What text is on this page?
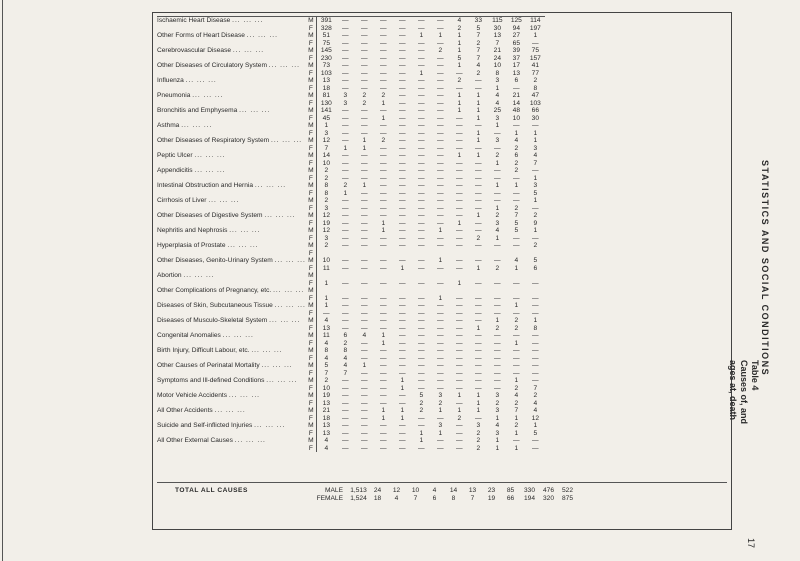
Ischaemic Heart Disease ... ... ...	M	391	—	—	—	—	—	—	4	33	115	125	114
	F	328	—	—	—	—	—	—	2	5	30	94	197
Other Forms of Heart Disease ... ... ...	M	51	—	—	—	—	1	1	1	7	13	27	1
	F	75	—	—	—	—	—	—	1	2	7	65	—
Cerebrovascular Disease ... ... ...	M	145	—	—	—	—	—	2	1	7	21	39	75
	F	230	—	—	—	—	—	—	5	7	24	37	157
Other Diseases of Circulatory System ... ... ...	M	73	—	—	—	—	—	—	1	4	10	17	41
	F	103	—	—	—	—	1	—	—	2	8	13	77
Influenza ... ... ...	M	13	—	—	—	—	—	—	2	—	3	6	2
	F	18	—	—	—	—	—	—	—	—	1	—	8
Pneumonia ... ... ...	M	81	3	2	2	—	—	—	1	1	4	21	47
	F	130	3	2	1	—	—	—	1	1	4	14	103
Bronchitis and Emphysema ... ... ...	M	141	—	—	—	—	—	—	1	1	25	48	66
	F	45	—	—	1	—	—	—	—	1	3	10	30
Asthma ... ... ...	M	1	—	—	—	—	—	—	—	—	1	—	—
	F	3	—	—	—	—	—	—	—	1	—	1	1
Other Diseases of Respiratory System ... ... ...	M	12	—	1	2	—	—	—	—	1	3	4	1
	F	7	1	1	—	—	—	—	—	—	—	2	3
Peptic Ulcer ... ... ...	M	14	—	—	—	—	—	—	1	1	2	6	4
	F	10	—	—	—	—	—	—	—	—	1	2	7
Appendicitis ... ... ...	M	2	—	—	—	—	—	—	—	—	—	2	—
	F	2	—	—	—	—	—	—	—	—	—	—	1
Intestinal Obstruction and Hernia ... ... ...	M	8	2	1	—	—	—	—	—	—	1	1	3
	F	8	1	—	—	—	—	—	—	—	—	—	5
Cirrhosis of Liver ... ... ...	M	2	—	—	—	—	—	—	—	—	—	—	1
	F	3	—	—	—	—	—	—	—	—	1	2	—
Other Diseases of Digestive System ... ... ...	M	12	—	—	—	—	—	—	—	1	2	7	2
	F	19	—	—	1	—	—	—	1	—	3	5	9
Nephritis and Nephrosis ... ... ...	M	12	—	—	1	—	—	1	—	—	4	5	1
	F	3	—	—	—	—	—	—	—	2	1	—	—
Hyperplasia of Prostate ... ... ...	M	2	—	—	—	—	—	—	—	—	—	—	2
	F												
Other Diseases, Genito-Urinary System ... ... ...	M	10	—	—	—	—	—	1	—	—	—	4	5
	F	11	—	—	—	1	—	—	—	1	2	1	6
Abortion ... ... ...	M												
	F	1	—	—	—	—	—	—	1	—	—	—	—
Other Complications of Pregnancy, etc. ... ... ...	M												
	F	1	—	—	—	—	—	1	—	—	—	—	—
Diseases of Skin, Subcutaneous Tissue ... ... ...	M	1	—	—	—	—	—	—	—	—	—	1	—
	F	—	—	—	—	—	—	—	—	—	—	—	—
Diseases of Musculo-Skeletal System ... ... ...	M	4	—	—	—	—	—	—	—	—	1	2	1
	F	13	—	—	—	—	—	—	—	1	2	2	8
Congenital Anomalies ... ... ...	M	11	6	4	1	—	—	—	—	—	—	—	—
	F	4	2	—	1	—	—	—	—	—	—	1	—
Birth Injury, Difficult Labour, etc. ... ... ...	M	8	8	—	—	—	—	—	—	—	—	—	—
	F	4	4	—	—	—	—	—	—	—	—	—	—
Other Causes of Perinatal Mortality ... ... ...	M	5	4	1	—	—	—	—	—	—	—	—	—
	F	7	7	—	—	—	—	—	—	—	—	—	—
Symptoms and Ill-defined Conditions ... ... ...	M	2	—	—	—	1	—	—	—	—	—	1	—
	F	10	—	—	—	1	—	—	—	—	—	2	7
Motor Vehicle Accidents ... ... ...	M	19	—	—	—	—	5	3	1	1	3	4	2
	F	13	—	—	—	—	2	2	—	1	2	2	4
All Other Accidents ... ... ...	M	21	—	—	1	1	2	1	1	1	3	7	4
	F	18	—	—	1	1	—	—	2	—	1	1	12
Suicide and Self-inflicted Injuries ... ... ...	M	13	—	—	—	—	—	3	—	3	4	2	1
	F	13	—	—	—	—	1	1	—	2	3	1	5
All Other External Causes ... ... ...	M	4	—	—	—	—	1	—	—	2	1	—	—
	F	4	—	—	—	—	—	—	—	2	1	1	—
TOTAL ALL CAUSES	MALE	1,513	24	12	10	4	14	13	23	85	330	476	522
FEMALE	1,524	18	4	7	6	8	7	19	66	194	320	875
STATISTICS AND SOCIAL CONDITIONS
Table 4
Causes of, and
ages at, death
17
